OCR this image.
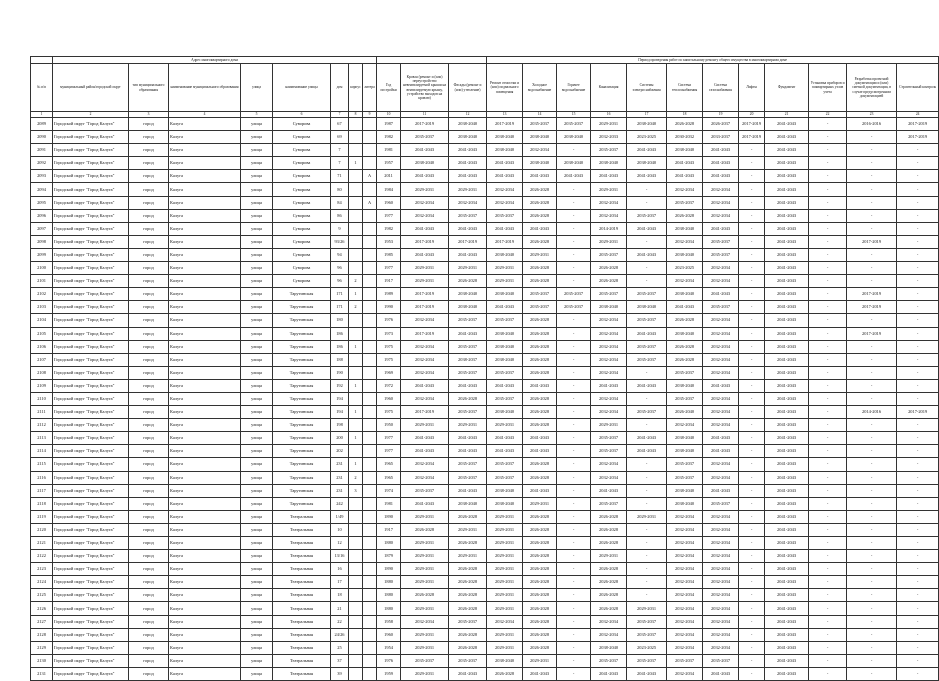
	Адрес многоквартирного дома											Период проведения работ по капитальному ремонту общего имущества в многоквартирном доме											
№ п/п	муниципальный район/городской округ	тип муниципального образования	наименование муниципального образования	улица	наименование улицы	дом	корпус	литера	Год постройки	Кровля (ремонт и (или) переустройство невентилируемой крыши на вентилируемую крышу, устройство выходов на кровлю)	Фасады (ремонт и (или) утепление)	Ремонт отмостки и (или) подвального помещения	Холодное водоснабжение	Горячее водоснабжение	Канализация	Системы электроснабжения	Система теплоснабжения	Система газоснабжения	Лифты	Фундамент	Установка приборов и поквартирных узлов учета	Разработка проектной документации и (или) сметной документации, в случае предусмотренном документацией	Строительный контроль
1	2	3	4	5	6	7	8	9	10	11	12	13	14	15	16	17	18	19	20	21	22	23	24
2089	Городской округ "Город Калуга"	город	Калуга	улица	Суворова	67			1987	2017-2019	2038-2040	2017-2019	2035-2037	2035-2037	2029-2031	2038-2040	2026-2028	2026-2037	2017-2019	2041-2043	-	2016-2016	2017-2019
2090	Городской округ "Город Калуга"	город	Калуга	улица	Суворова	69			1982	2035-2037	2038-2040	2038-2040	2038-2040	2038-2040	2032-2033	2023-2025	2030-2032	2033-2037	2017-2019	2041-2043	-	-	2017-2019
2091	Городской округ "Город Калуга"	город	Калуга	улица	Суворова	7			1981	2041-2043	2041-2043	2038-2040	2032-2034	-	2035-2037	2041-2043	2038-2040	2041-2043	-	2041-2043	-	-	-
2092	Городской округ "Город Калуга"	город	Калуга	улица	Суворова	7	1		1957	2038-2040	2041-2043	2041-2043	2038-2040	2038-2040	2038-2040	2038-2040	2041-2043	2041-2043	-	2041-2043	-	-	-
2093	Городской округ "Город Калуга"	город	Калуга	улица	Суворова	71		А	2011	2041-2043	2041-2043	2041-2043	2041-2043	2041-2043	2041-2043	2041-2043	2041-2043	2041-2043	-	2041-2043	-	-	-
2094	Городской округ "Город Калуга"	город	Калуга	улица	Суворова	80			1984	2029-2031	2029-2031	2032-2034	2026-2028	-	2029-2031	-	2032-2034	2032-2034	-	2041-2043	-	-	-
2095	Городской округ "Город Калуга"	город	Калуга	улица	Суворова	84		А	1960	2032-2034	2032-2034	2032-2034	2026-2028	-	2032-2034	-	2035-2037	2032-2034	-	2041-2043	-	-	-
2096	Городской округ "Город Калуга"	город	Калуга	улица	Суворова	86			1977	2032-2034	2035-2037	2035-2037	2026-2028	-	2032-2034	2035-2037	2026-2028	2032-2034	-	2041-2043	-	-	-
2097	Городской округ "Город Калуга"	город	Калуга	улица	Суворова	9			1982	2041-2043	2041-2043	2041-2043	2041-2043	-	2014-2019	2041-2043	2038-2040	2041-2043	-	2041-2043	-	-	-
2098	Городской округ "Город Калуга"	город	Калуга	улица	Суворова	93/26			1953	2017-2019	2017-2019	2017-2019	2026-2028	-	2029-2031	-	2032-2034	2035-2037	-	2041-2043	-	2017-2019	-
2099	Городской округ "Город Калуга"	город	Калуга	улица	Суворова	94			1985	2041-2043	2041-2043	2038-2040	2029-2031	-	2035-2037	2041-2043	2038-2040	2035-2037	-	2041-2043	-	-	-
2100	Городской округ "Город Калуга"	город	Калуга	улица	Суворова	96			1977	2029-2031	2029-2031	2029-2031	2026-2028	-	2026-2028	-	2023-2025	2032-2034	-	2041-2043	-	-	-
2101	Городской округ "Город Калуга"	город	Калуга	улица	Суворова	96	2		1917	2029-2031	2026-2028	2029-2031	2026-2028	-	2026-2028	-	2032-2034	2032-2034	-	2041-2043	-	-	-
2102	Городской округ "Город Калуга"	город	Калуга	улица	Тарутинская	171	1		1989	2017-2019	2038-2040	2038-2040	2035-2037	2035-2037	2035-2037	2035-2037	2038-2040	2041-2043	-	2041-2043	-	2017-2019	-
2103	Городской округ "Город Калуга"	город	Калуга	улица	Тарутинская	171	2		1990	2017-2019	2038-2040	2041-2043	2035-2037	2035-2037	2038-2040	2038-2040	2041-2043	2035-2037	-	2041-2043	-	2017-2019	-
2104	Городской округ "Город Калуга"	город	Калуга	улица	Тарутинская	180			1976	2032-2034	2035-2037	2035-2037	2026-2028	-	2032-2034	2035-2037	2026-2028	2032-2034	-	2041-2043	-	-	-
2105	Городской округ "Город Калуга"	город	Калуга	улица	Тарутинская	186			1973	2017-2019	2041-2043	2038-2040	2026-2028	-	2032-2034	2041-2043	2038-2040	2032-2034	-	2041-2043	-	2017-2019	-
2106	Городской округ "Город Калуга"	город	Калуга	улица	Тарутинская	186	1		1975	2032-2034	2035-2037	2038-2040	2026-2028	-	2032-2034	2035-2037	2026-2028	2032-2034	-	2041-2043	-	-	-
2107	Городской округ "Город Калуга"	город	Калуга	улица	Тарутинская	188			1975	2032-2034	2038-2037	2038-2040	2026-2028	-	2032-2034	2035-2037	2026-2028	2032-2034	-	2041-2043	-	-	-
2108	Городской округ "Город Калуга"	город	Калуга	улица	Тарутинская	190			1969	2032-2034	2035-2037	2035-2037	2026-2028	-	2032-2034	-	2035-2037	2032-2034	-	2041-2043	-	-	-
2109	Городской округ "Город Калуга"	город	Калуга	улица	Тарутинская	192	1		1972	2041-2043	2041-2043	2041-2043	2041-2043	-	2041-2043	2041-2043	2038-2040	2041-2043	-	2041-2043	-	-	-
2110	Городской округ "Город Калуга"	город	Калуга	улица	Тарутинская	194			1960	2032-2034	2026-2028	2035-2037	2026-2028	-	2032-2034	-	2035-2037	2032-2034	-	2041-2043	-	-	-
2111	Городской округ "Город Калуга"	город	Калуга	улица	Тарутинская	194	1		1975	2017-2019	2035-2037	2038-2040	2026-2028	-	2032-2034	2035-2037	2026-2040	2032-2034	-	2041-2043	-	2014-2016	2017-2019
2112	Городской округ "Город Калуга"	город	Калуга	улица	Тарутинская	198			1950	2029-2031	2029-2031	2029-2031	2026-2028	-	2029-2031	-	2032-2034	2032-2034	-	2041-2043	-	-	-
2113	Городской округ "Город Калуга"	город	Калуга	улица	Тарутинская	200	1		1977	2041-2043	2041-2043	2041-2043	2041-2043	-	2035-2037	2041-2043	2038-2040	2041-2043	-	2041-2043	-	-	-
2114	Городской округ "Город Калуга"	город	Калуга	улица	Тарутинская	202			1977	2041-2043	2041-2043	2041-2043	2041-2043	-	2035-2037	2041-2043	2038-2040	2041-2043	-	2041-2043	-	-	-
2115	Городской округ "Город Калуга"	город	Калуга	улица	Тарутинская	231	1		1965	2032-2034	2035-2037	2035-2037	2026-2028	-	2032-2034	-	2035-2037	2032-2034	-	2041-2043	-	-	-
2116	Городской округ "Город Калуга"	город	Калуга	улица	Тарутинская	231	2		1965	2032-2034	2035-2037	2035-2037	2026-2028	-	2032-2034	-	2035-2037	2032-2034	-	2041-2043	-	-	-
2117	Городской округ "Город Калуга"	город	Калуга	улица	Тарутинская	231	3		1974	2035-2037	2041-2043	2038-2040	2041-2043	-	2041-2043	-	2038-2040	2041-2043	-	2041-2043	-	-	-
2118	Городской округ "Город Калуга"	город	Калуга	улица	Тарутинская	242			1981	2041-2043	2038-2040	2038-2040	2029-2031	-	2035-2037	-	2038-2040	2035-2037	-	2041-2043	-	-	-
2119	Городской округ "Город Калуга"	город	Калуга	улица	Театральная	1/49			1890	2029-2031	2026-2028	2029-2031	2026-2028	-	2026-2028	2029-2031	2032-2034	2032-2034	-	2041-2043	-	-	-
2120	Городской округ "Город Калуга"	город	Калуга	улица	Театральная	10			1917	2026-2028	2029-2031	2029-2031	2026-2028	-	2026-2028	-	2032-2034	2032-2034	-	2041-2043	-	-	-
2121	Городской округ "Город Калуга"	город	Калуга	улица	Театральная	12			1880	2029-2031	2026-2028	2029-2031	2026-2028	-	2026-2028	-	2032-2034	2032-2034	-	2041-2043	-	-	-
2122	Городской округ "Город Калуга"	город	Калуга	улица	Театральная	13/16			1879	2029-2031	2029-2031	2029-2031	2026-2028	-	2029-2031	-	2032-2034	2032-2034	-	2041-2043	-	-	-
2123	Городской округ "Город Калуга"	город	Калуга	улица	Театральная	16			1890	2029-2031	2026-2028	2029-2031	2026-2028	-	2026-2028	-	2032-2034	2032-2034	-	2041-2043	-	-	-
2124	Городской округ "Город Калуга"	город	Калуга	улица	Театральная	17			1880	2029-2031	2026-2028	2029-2031	2026-2028	-	2026-2028	-	2032-2034	2032-2034	-	2041-2043	-	-	-
2125	Городской округ "Город Калуга"	город	Калуга	улица	Театральная	18			1880	2026-2028	2026-2028	2029-2031	2026-2028	-	2026-2028	-	2032-2034	2032-2034	-	2041-2043	-	-	-
2126	Городской округ "Город Калуга"	город	Калуга	улица	Театральная	21			1880	2029-2031	2026-2028	2029-2031	2026-2028	-	2026-2028	2029-2031	2032-2034	2032-2034	-	2041-2043	-	-	-
2127	Городской округ "Город Калуга"	город	Калуга	улица	Театральная	22			1958	2032-2034	2035-2037	2032-2034	2026-2028	-	2032-2034	2035-2037	2032-2034	2032-2034	-	2041-2043	-	-	-
2128	Городской округ "Город Калуга"	город	Калуга	улица	Театральная	24/26			1960	2029-2031	2026-2028	2029-2031	2026-2028	-	2032-2034	2035-2037	2032-2034	2032-2034	-	2041-2043	-	-	-
2129	Городской округ "Город Калуга"	город	Калуга	улица	Театральная	25			1954	2029-2031	2026-2028	2029-2031	2026-2028	-	2038-2040	2023-2025	2032-2034	2032-2034	-	2041-2043	-	-	-
2130	Городской округ "Город Калуга"	город	Калуга	улица	Театральная	37			1976	2035-2037	2035-2037	2038-2040	2029-2031	-	2035-2037	2035-2037	2035-2037	2035-2037	-	2041-2043	-	-	-
2131	Городской округ "Город Калуга"	город	Калуга	улица	Театральная	39			1959	2029-2031	2041-2043	2026-2028	2041-2043	-	2041-2043	2041-2043	2032-2034	2041-2043	-	2041-2043	-	-	-
